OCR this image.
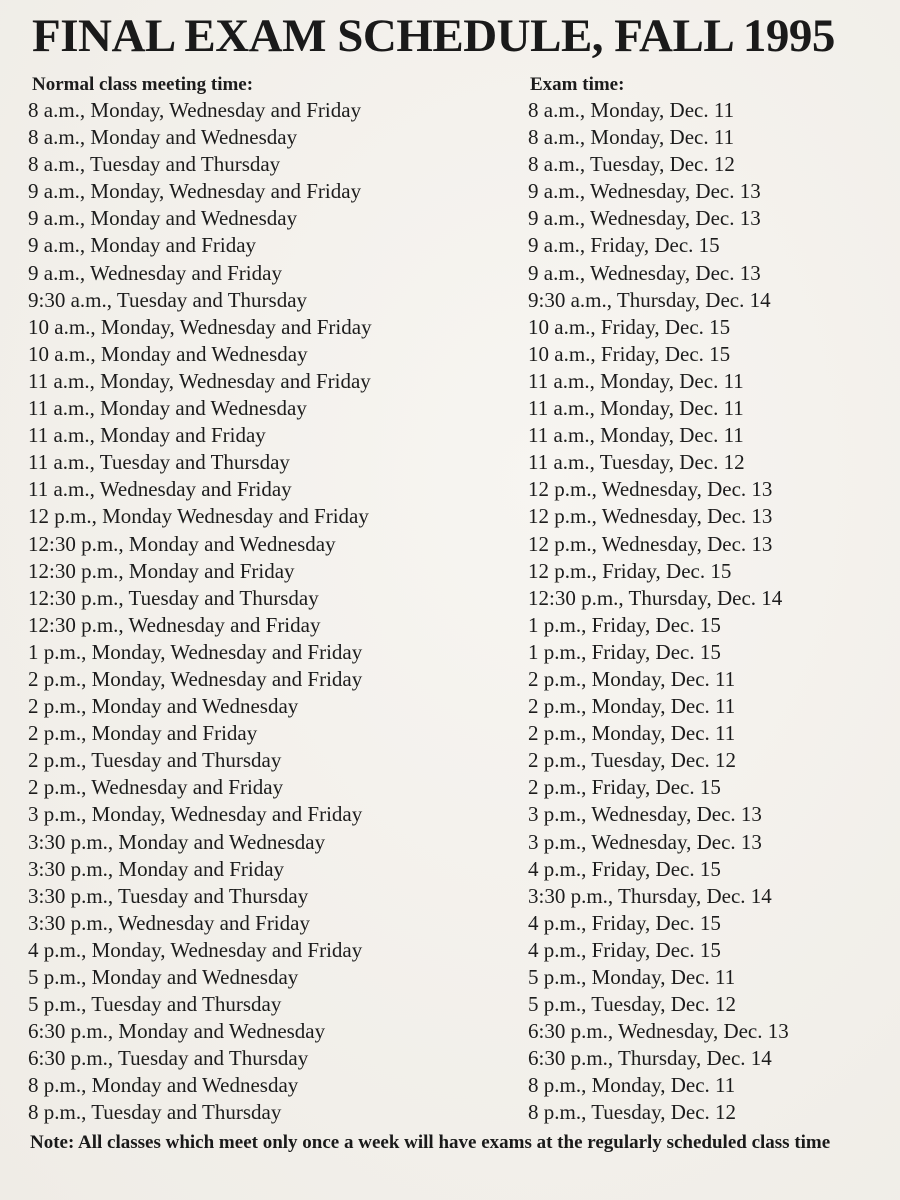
FINAL EXAM SCHEDULE, FALL 1995
Normal class meeting time:	Exam time:
8 a.m., Monday, Wednesday and Friday	8 a.m., Monday, Dec. 11
8 a.m., Monday and Wednesday	8 a.m., Monday, Dec. 11
8 a.m., Tuesday and Thursday	8 a.m., Tuesday, Dec. 12
9 a.m., Monday, Wednesday and Friday	9 a.m., Wednesday, Dec. 13
9 a.m., Monday and Wednesday	9 a.m., Wednesday, Dec. 13
9 a.m., Monday and Friday	9 a.m., Friday, Dec. 15
9 a.m., Wednesday and Friday	9 a.m., Wednesday, Dec. 13
9:30 a.m., Tuesday and Thursday	9:30 a.m., Thursday, Dec. 14
10 a.m., Monday, Wednesday and Friday	10 a.m., Friday, Dec. 15
10 a.m., Monday and Wednesday	10 a.m., Friday, Dec. 15
11 a.m., Monday, Wednesday and Friday	11 a.m., Monday, Dec. 11
11 a.m., Monday and Wednesday	11 a.m., Monday, Dec. 11
11 a.m., Monday and Friday	11 a.m., Monday, Dec. 11
11 a.m., Tuesday and Thursday	11 a.m., Tuesday, Dec. 12
11 a.m., Wednesday and Friday	12 p.m., Wednesday, Dec. 13
12 p.m., Monday Wednesday and Friday	12 p.m., Wednesday, Dec. 13
12:30 p.m., Monday and Wednesday	12 p.m., Wednesday, Dec. 13
12:30 p.m., Monday and Friday	12 p.m., Friday, Dec. 15
12:30 p.m., Tuesday and Thursday	12:30 p.m., Thursday, Dec. 14
12:30 p.m., Wednesday and Friday	1 p.m., Friday, Dec. 15
1 p.m., Monday, Wednesday and Friday	1 p.m., Friday, Dec. 15
2 p.m., Monday, Wednesday and Friday	2 p.m., Monday, Dec. 11
2 p.m., Monday and Wednesday	2 p.m., Monday, Dec. 11
2 p.m., Monday and Friday	2 p.m., Monday, Dec. 11
2 p.m., Tuesday and Thursday	2 p.m., Tuesday, Dec. 12
2 p.m., Wednesday and Friday	2 p.m., Friday, Dec. 15
3 p.m., Monday, Wednesday and Friday	3 p.m., Wednesday, Dec. 13
3:30 p.m., Monday and Wednesday	3 p.m., Wednesday, Dec. 13
3:30 p.m., Monday and Friday	4 p.m., Friday, Dec. 15
3:30 p.m., Tuesday and Thursday	3:30 p.m., Thursday, Dec. 14
3:30 p.m., Wednesday and Friday	4 p.m., Friday, Dec. 15
4 p.m., Monday, Wednesday and Friday	4 p.m., Friday, Dec. 15
5 p.m., Monday and Wednesday	5 p.m., Monday, Dec. 11
5 p.m., Tuesday and Thursday	5 p.m., Tuesday, Dec. 12
6:30 p.m., Monday and Wednesday	6:30 p.m., Wednesday, Dec. 13
6:30 p.m., Tuesday and Thursday	6:30 p.m., Thursday, Dec. 14
8 p.m., Monday and Wednesday	8 p.m., Monday, Dec. 11
8 p.m., Tuesday and Thursday	8 p.m., Tuesday, Dec. 12
Note: All classes which meet only once a week will have exams at the regularly scheduled class time
